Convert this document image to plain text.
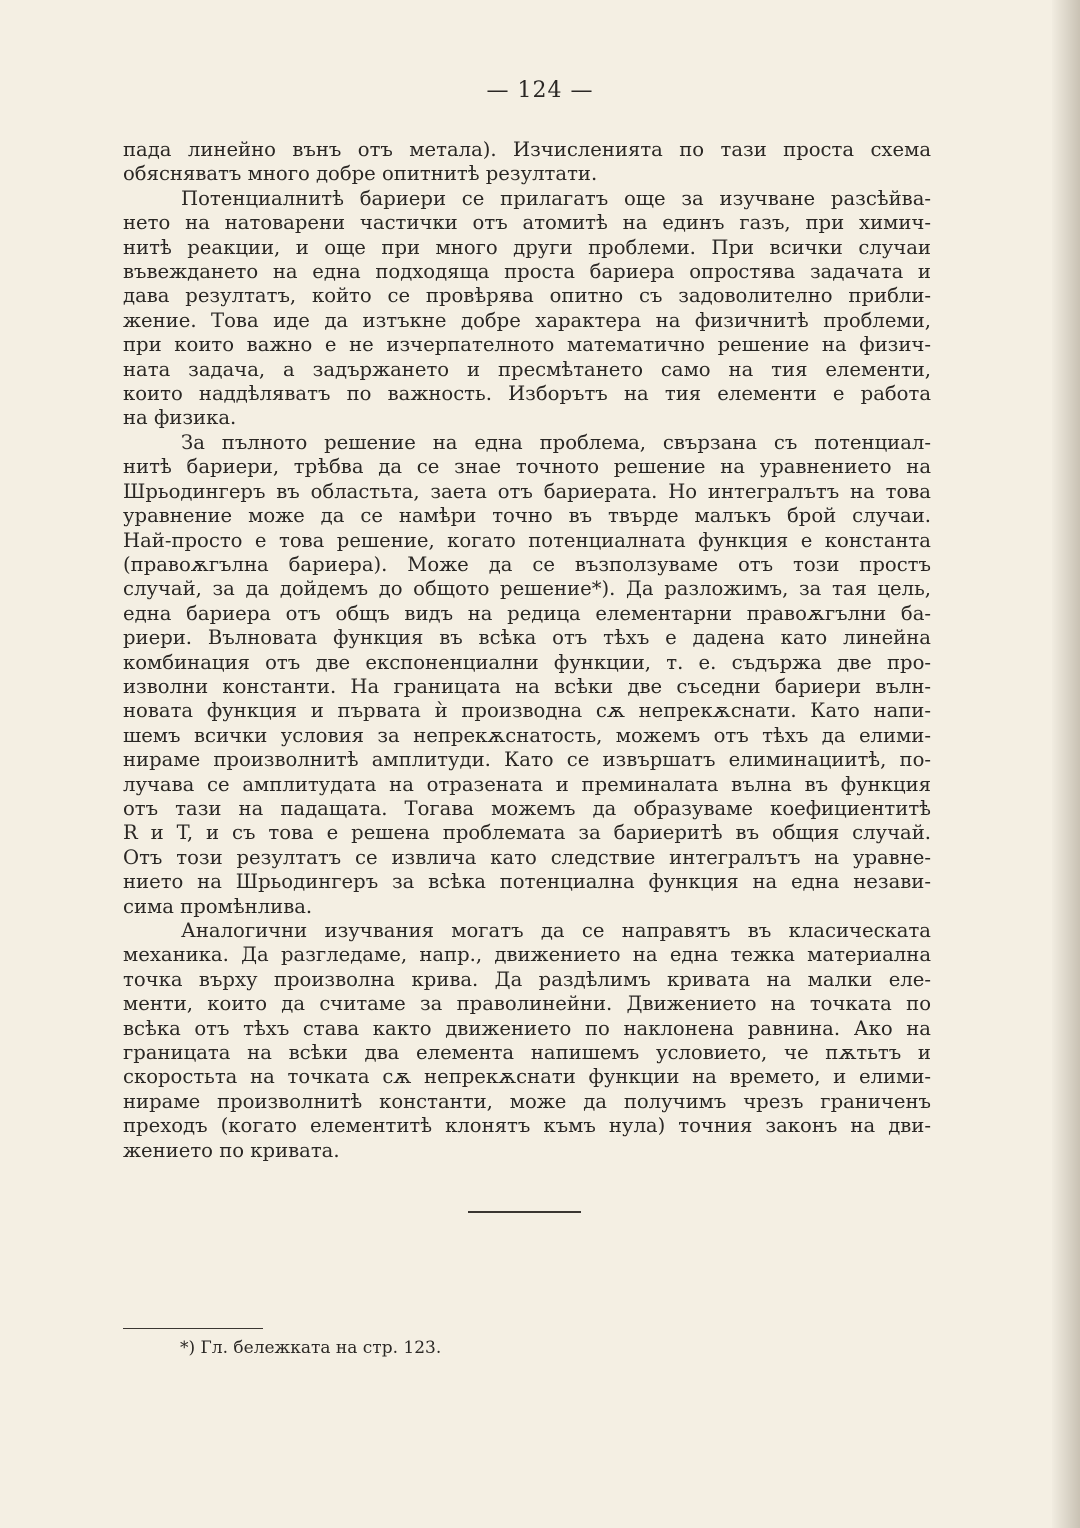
— 124 —
пада линейно вънъ отъ метала). Изчисленията по тази проста схема
обясняватъ много добре опитнитѣ резултати.
Потенциалнитѣ бариери се прилагатъ още за изучване разсѣйва-
нето на натоварени частички отъ атомитѣ на единъ газъ, при химич-
нитѣ реакции, и още при много други проблеми. При всички случаи
въвеждането на една подходяща проста бариера опростява задачата и
дава резултатъ, който се провѣрява опитно съ задоволително прибли-
жение. Това иде да изтъкне добре характера на физичнитѣ проблеми,
при които важно е не изчерпателното математично решение на физич-
ната задача, а задържането и пресмѣтането само на тия елементи,
които наддѣляватъ по важность. Изборътъ на тия елементи е работа
на физика.
За пълното решение на една проблема, свързана съ потенциал-
нитѣ бариери, трѣбва да се знае точното решение на уравнението на
Шрьодингеръ въ областьта, заета отъ бариерата. Но интегралътъ на това
уравнение може да се намѣри точно въ твърде малъкъ брой случаи.
Най-просто е това решение, когато потенциалната функция е константа
(правоѫгълна бариера). Може да се възползуваме отъ този простъ
случай, за да дойдемъ до общото решение*). Да разложимъ, за тая цель,
една бариера отъ общъ видъ на редица елементарни правоѫгълни ба-
риери. Вълновата функция въ всѣка отъ тѣхъ е дадена като линейна
комбинация отъ две експоненциални функции, т. е. съдържа две про-
изволни константи. На границата на всѣки две съседни бариери вълн-
новата функция и първата ѝ производна сѫ непрекѫснати. Като напи-
шемъ всички условия за непрекѫснатость, можемъ отъ тѣхъ да елими-
нираме произволнитѣ амплитуди. Като се извършатъ елиминациитѣ, по-
лучава се амплитудата на отразената и преминалата вълна въ функция
отъ тази на падащата. Тогава можемъ да образуваме коефициентитѣ
R и T, и съ това е решена проблемата за бариеритѣ въ общия случай.
Отъ този резултатъ се извлича като следствие интегралътъ на уравне-
нието на Шрьодингеръ за всѣка потенциална функция на една незави-
сима промѣнлива.
Аналогични изучвания могатъ да се направятъ въ класическата
механика. Да разгледаме, напр., движението на една тежка материална
точка върху произволна крива. Да раздѣлимъ кривата на малки еле-
менти, които да считаме за праволинейни. Движението на точката по
всѣка отъ тѣхъ става както движението по наклонена равнина. Ако на
границата на всѣки два елемента напишемъ условието, че пѫтьтъ и
скоростьта на точката сѫ непрекѫснати функции на времето, и елими-
нираме произволнитѣ константи, може да получимъ чрезъ граниченъ
преходъ (когато елементитѣ клонятъ къмъ нула) точния законъ на дви-
жението по кривата.
*) Гл. бележката на стр. 123.
